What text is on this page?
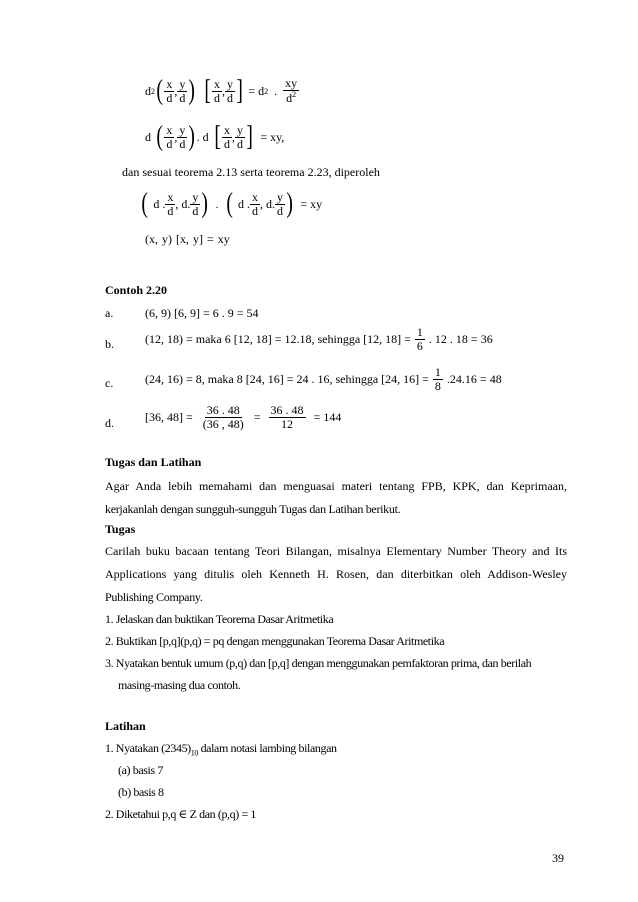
d 2 ( $\frac{x}{d}$ , $\frac{y}{d}$ ) [ $\frac{x}{d}$ , $\frac{y}{d}$ ] = d 2 . $\frac{xy}{d^2}$
d ( $\frac{x}{d}$ , $\frac{y}{d}$ ) . d [ $\frac{x}{d}$ , $\frac{y}{d}$ ] = xy,
dan sesuai teorema 2.13 serta teorema 2.23, diperoleh
( d . $\frac{x}{d}$ , d. $\frac{y}{d}$ ) . ( d . $\frac{x}{d}$ , d. $\frac{y}{d}$ ) = xy
(x, y) [x, y] = xy
Contoh 2.20
a.	(6, 9) [6, 9] = 6 . 9 = 54
b.	(12, 18) = maka 6 [12, 18] = 12.18, sehingga [12, $18] = \frac{1}{6}$ . 12 . 18 = 36
c.	(24, 16) = 8, maka 8 [24, 16] = 24 . 16, sehingga [24, $16] = \frac{1}{8} .24.16 = 48$
d.	[36, $48] = \frac{36 . 48}{(36 , 48)} = \frac{36 . 48}{12} = 144$
Tugas dan Latihan
Agar Anda lebih memahami dan menguasai materi tentang FPB, KPK, dan Keprimaan,
kerjakanlah dengan sungguh-sungguh Tugas dan Latihan berikut.
Tugas
Carilah buku bacaan tentang Teori Bilangan, misalnya Elementary Number Theory and Its
Applications yang ditulis oleh Kenneth H. Rosen, dan diterbitkan oleh Addison-Wesley
Publishing Company.
1. Jelaskan dan buktikan Teorema Dasar Aritmetika
2. Buktikan [p,q](p,q) = pq dengan menggunakan Teorema Dasar Aritmetika
3. Nyatakan bentuk umum (p,q) dan [p,q] dengan menggunakan pemfaktoran prima, dan berilah
masing-masing dua contoh.
Latihan
1. Nyatakan $(2345)_{10}$ dalam notasi lambing bilangan
(a) basis 7
(b) basis 8
2. Diketahui p,q ∈ Z dan (p,q) = 1
39
